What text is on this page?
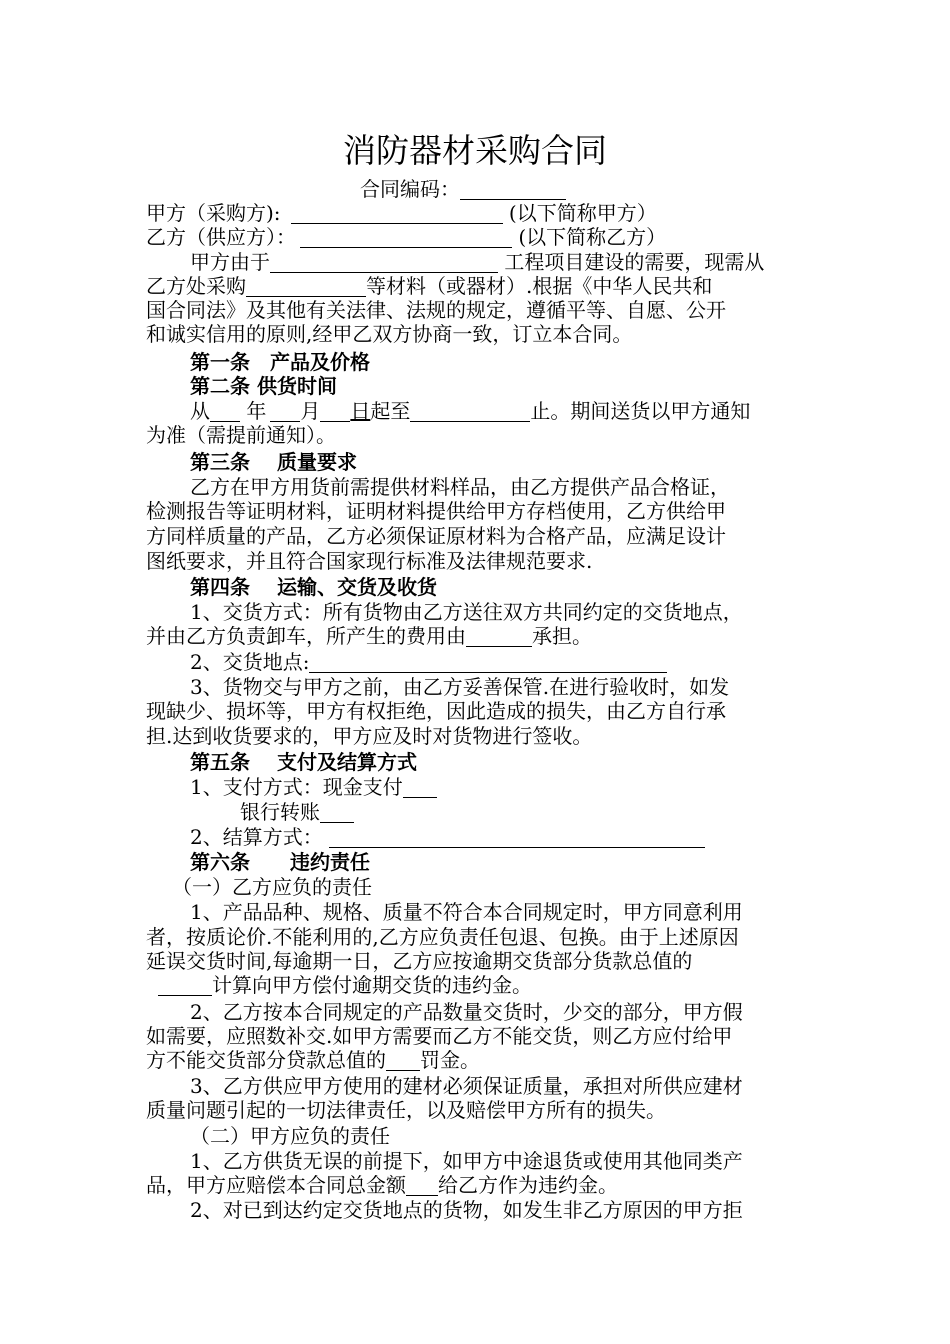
消防器材采购合同
合同编码：
甲方（采购方):	(以下简称甲方）
乙方（供应方）：	(以下简称乙方）
甲方由于	工程项目建设的需要，现需从
乙方处采购	等材料（或器材）.根据《中华人民共和
国合同法》及其他有关法律、法规的规定，遵循平等、自愿、公开
和诚实信用的原则,经甲乙双方协商一致，订立本合同。
第一条　产品及价格
第二条 供货时间
从 年 月 日起至	止。期间送货以甲方通知
为准（需提前通知）。
第三条　 质量要求
乙方在甲方用货前需提供材料样品，由乙方提供产品合格证，
检测报告等证明材料，证明材料提供给甲方存档使用，乙方供给甲
方同样质量的产品，乙方必须保证原材料为合格产品，应满足设计
图纸要求，并且符合国家现行标准及法律规范要求.
第四条　 运输、交货及收货
1、交货方式：所有货物由乙方送往双方共同约定的交货地点，
并由乙方负责卸车，所产生的费用由	承担。
2、交货地点:
3、货物交与甲方之前，由乙方妥善保管.在进行验收时，如发
现缺少、损坏等，甲方有权拒绝，因此造成的损失，由乙方自行承
担.达到收货要求的，甲方应及时对货物进行签收。
第五条　 支付及结算方式
1、支付方式：现金支付
银行转账
2、结算方式：
第六条　　违约责任
（一）乙方应负的责任
1、产品品种、规格、质量不符合本合同规定时，甲方同意利用
者，按质论价.不能利用的,乙方应负责任包退、包换。由于上述原因
延误交货时间,每逾期一日，乙方应按逾期交货部分货款总值的
计算向甲方偿付逾期交货的违约金。
2、乙方按本合同规定的产品数量交货时，少交的部分，甲方假
如需要，应照数补交.如甲方需要而乙方不能交货，则乙方应付给甲
方不能交货部分贷款总值的 罚金。
3、乙方供应甲方使用的建材必须保证质量，承担对所供应建材
质量问题引起的一切法律责任，以及赔偿甲方所有的损失。
（二）甲方应负的责任
1、乙方供货无误的前提下，如甲方中途退货或使用其他同类产
品，甲方应赔偿本合同总金额 给乙方作为违约金。
2、对已到达约定交货地点的货物，如发生非乙方原因的甲方拒
